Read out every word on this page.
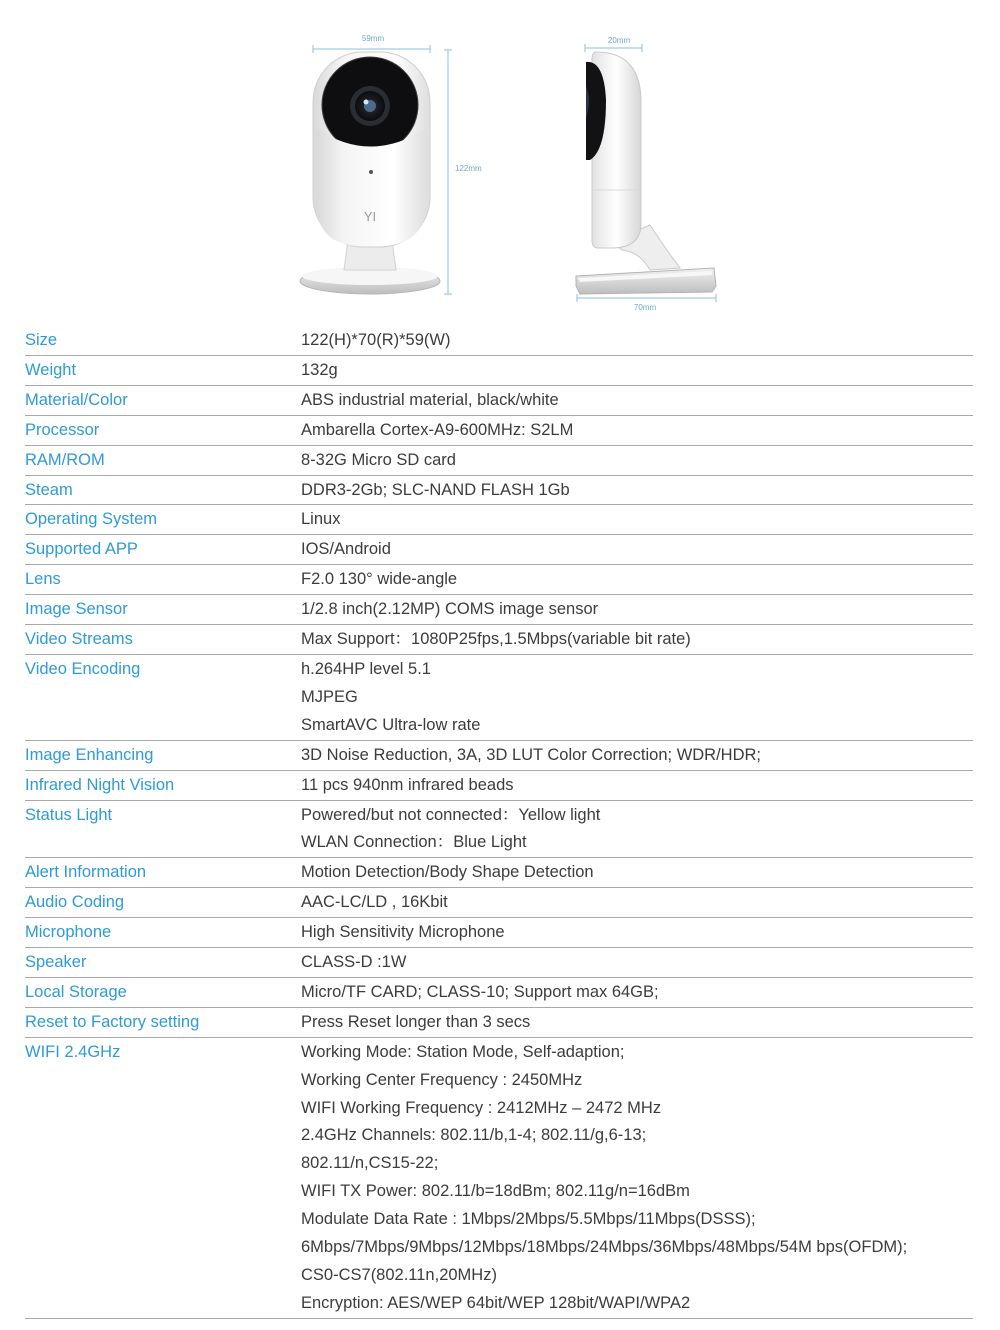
59mm
122mm
YI
20mm
70mm
Size	122(H)*70(R)*59(W)
Weight	132g
Material/Color	ABS industrial material, black/white
Processor	Ambarella Cortex-A9-600MHz: S2LM
RAM/ROM	8-32G Micro SD card
Steam	DDR3-2Gb; SLC-NAND FLASH 1Gb
Operating System	Linux
Supported APP	IOS/Android
Lens	F2.0 130° wide-angle
Image Sensor	1/2.8 inch(2.12MP) COMS image sensor
Video Streams	Max Support：1080P25fps,1.5Mbps(variable bit rate)
Video Encoding	h.264HP level 5.1
MJPEG
SmartAVC Ultra-low rate
Image Enhancing	3D Noise Reduction, 3A, 3D LUT Color Correction; WDR/HDR;
Infrared Night Vision	11 pcs 940nm infrared beads
Status Light	Powered/but not connected：Yellow light
WLAN Connection：Blue Light
Alert Information	Motion Detection/Body Shape Detection
Audio Coding	AAC-LC/LD , 16Kbit
Microphone	High Sensitivity Microphone
Speaker	CLASS-D :1W
Local Storage	Micro/TF CARD; CLASS-10; Support max 64GB;
Reset to Factory setting	Press Reset longer than 3 secs
WIFI 2.4GHz	Working Mode: Station Mode, Self-adaption;
Working Center Frequency : 2450MHz
WIFI Working Frequency : 2412MHz – 2472 MHz
2.4GHz Channels: 802.11/b,1-4; 802.11/g,6-13;
802.11/n,CS15-22;
WIFI TX Power: 802.11/b=18dBm; 802.11g/n=16dBm
Modulate Data Rate : 1Mbps/2Mbps/5.5Mbps/11Mbps(DSSS);
6Mbps/7Mbps/9Mbps/12Mbps/18Mbps/24Mbps/36Mbps/48Mbps/54M bps(OFDM);
CS0-CS7(802.11n,20MHz)
Encryption: AES/WEP 64bit/WEP 128bit/WAPI/WPA2
